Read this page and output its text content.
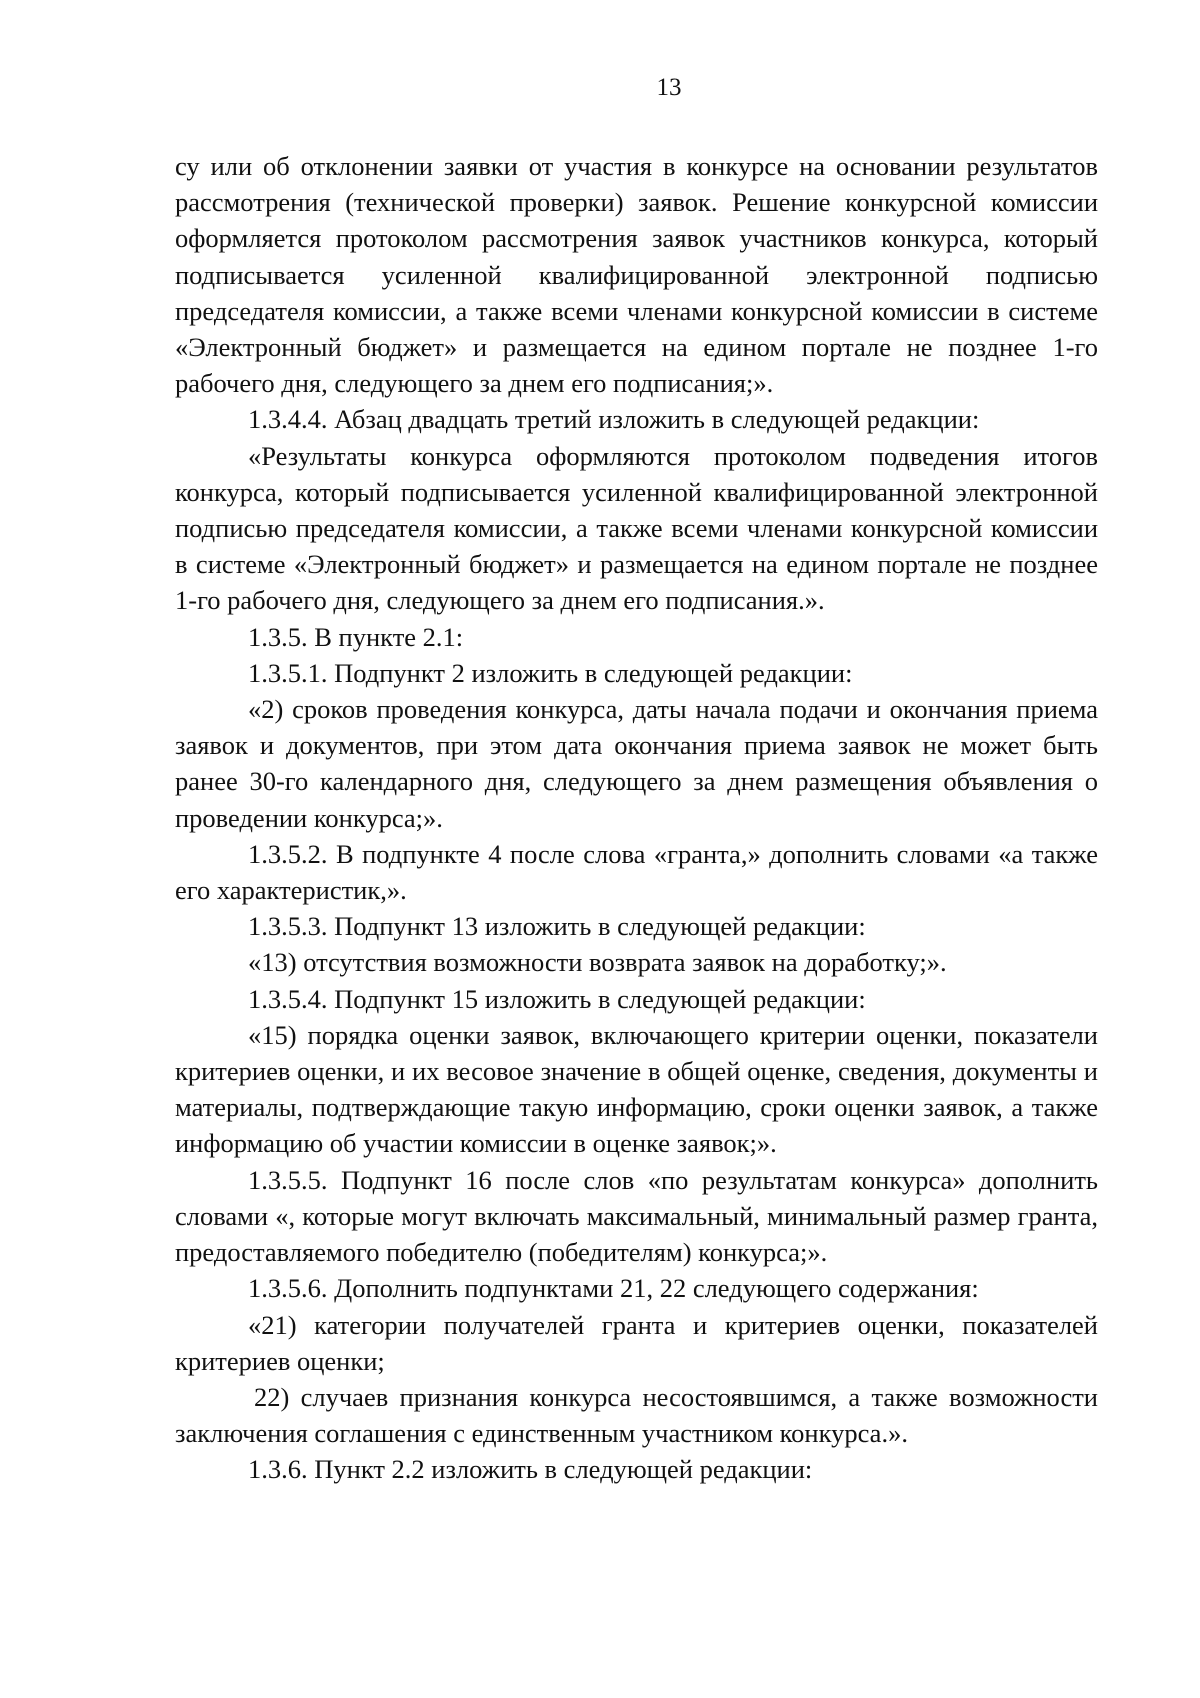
13

су или об отклонении заявки от участия в конкурсе на основании результатов рассмотрения (технической проверки) заявок. Решение конкурсной комиссии оформляется протоколом рассмотрения заявок участников конкурса, который подписывается усиленной квалифицированной электронной подписью председателя комиссии, а также всеми членами конкурсной комиссии в системе «Электронный бюджет» и размещается на едином портале не позднее 1-го рабочего дня, следующего за днем его подписания;».

1.3.4.4. Абзац двадцать третий изложить в следующей редакции:

«Результаты конкурса оформляются протоколом подведения итогов конкурса, который подписывается усиленной квалифицированной электронной подписью председателя комиссии, а также всеми членами конкурсной комиссии в системе «Электронный бюджет» и размещается на едином портале не позднее 1-го рабочего дня, следующего за днем его подписания.».

1.3.5. В пункте 2.1:

1.3.5.1. Подпункт 2 изложить в следующей редакции:

«2) сроков проведения конкурса, даты начала подачи и окончания приема заявок и документов, при этом дата окончания приема заявок не может быть ранее 30-го календарного дня, следующего за днем размещения объявления о проведении конкурса;».

1.3.5.2. В подпункте 4 после слова «гранта,» дополнить словами «а также его характеристик,».

1.3.5.3. Подпункт 13 изложить в следующей редакции:

«13) отсутствия возможности возврата заявок на доработку;».

1.3.5.4. Подпункт 15 изложить в следующей редакции:

«15) порядка оценки заявок, включающего критерии оценки, показатели критериев оценки, и их весовое значение в общей оценке, сведения, документы и материалы, подтверждающие такую информацию, сроки оценки заявок, а также информацию об участии комиссии в оценке заявок;».

1.3.5.5. Подпункт 16 после слов «по результатам конкурса» дополнить словами «, которые могут включать максимальный, минимальный размер гранта, предоставляемого победителю (победителям) конкурса;».

1.3.5.6. Дополнить подпунктами 21, 22 следующего содержания:

«21) категории получателей гранта и критериев оценки, показателей критериев оценки;

22) случаев признания конкурса несостоявшимся, а также возможности заключения соглашения с единственным участником конкурса.».

1.3.6. Пункт 2.2 изложить в следующей редакции:
